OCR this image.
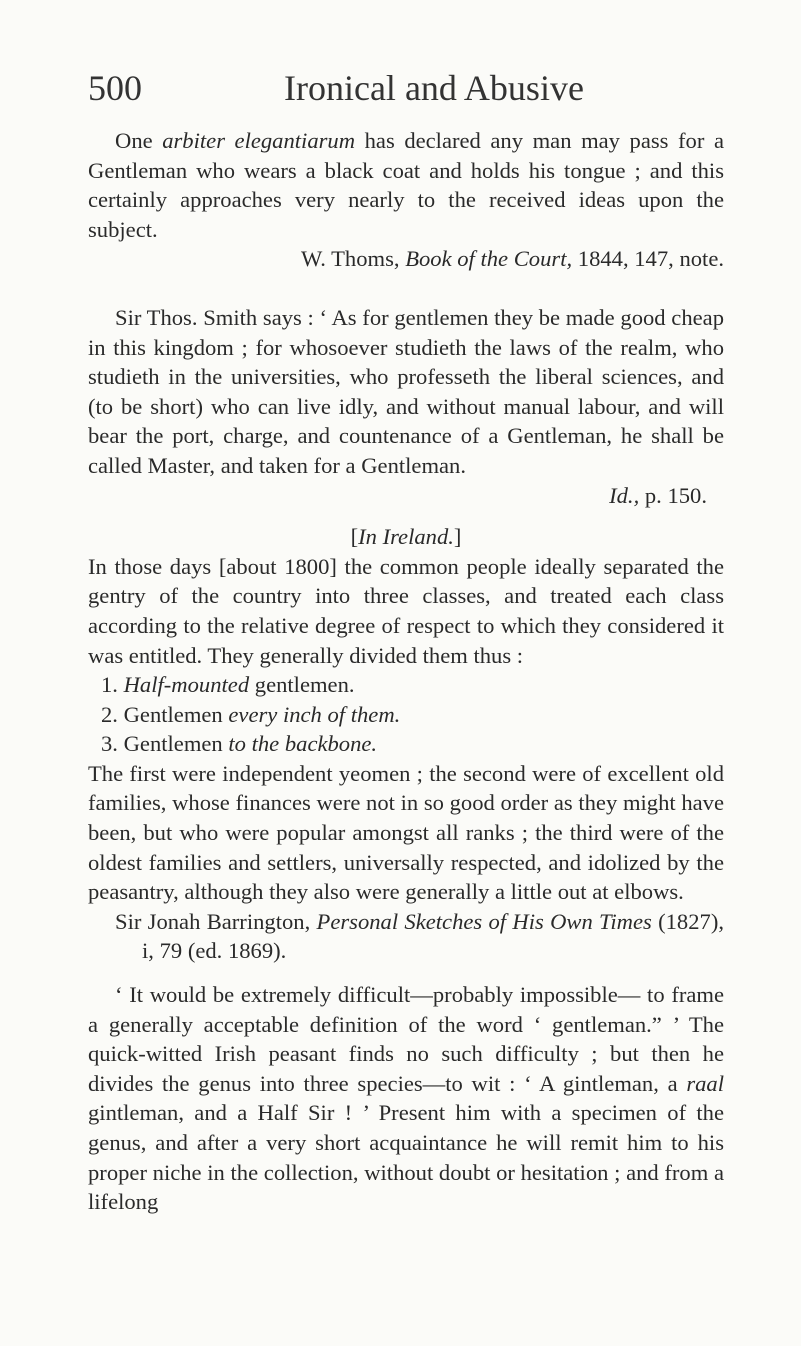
500	Ironical and Abusive

One arbiter elegantiarum has declared any man may pass for a Gentleman who wears a black coat and holds his tongue ; and this certainly approaches very nearly to the received ideas upon the subject.

W. Thoms, Book of the Court, 1844, 147, note.

Sir Thos. Smith says : ‘ As for gentlemen they be made good cheap in this kingdom ; for whosoever studieth the laws of the realm, who studieth in the universities, who professeth the liberal sciences, and (to be short) who can live idly, and without manual labour, and will bear the port, charge, and countenance of a Gentleman, he shall be called Master, and taken for a Gentleman.

Id., p. 150.

[In Ireland.]

In those days [about 1800] the common people ideally separated the gentry of the country into three classes, and treated each class according to the relative degree of respect to which they considered it was entitled. They generally divided them thus :

1. Half-mounted gentlemen.
2. Gentlemen every inch of them.
3. Gentlemen to the backbone.

The first were independent yeomen ; the second were of excellent old families, whose finances were not in so good order as they might have been, but who were popular amongst all ranks ; the third were of the oldest families and settlers, universally respected, and idolized by the peasantry, although they also were generally a little out at elbows.

Sir Jonah Barrington, Personal Sketches of His Own Times (1827), i, 79 (ed. 1869).

‘ It would be extremely difficult—probably impossible— to frame a generally acceptable definition of the word ‘ gentleman.” ’ The quick-witted Irish peasant finds no such difficulty ; but then he divides the genus into three species—to wit : ‘ A gintleman, a raal gintleman, and a Half Sir ! ’ Present him with a specimen of the genus, and after a very short acquaintance he will remit him to his proper niche in the collection, without doubt or hesitation ; and from a lifelong
